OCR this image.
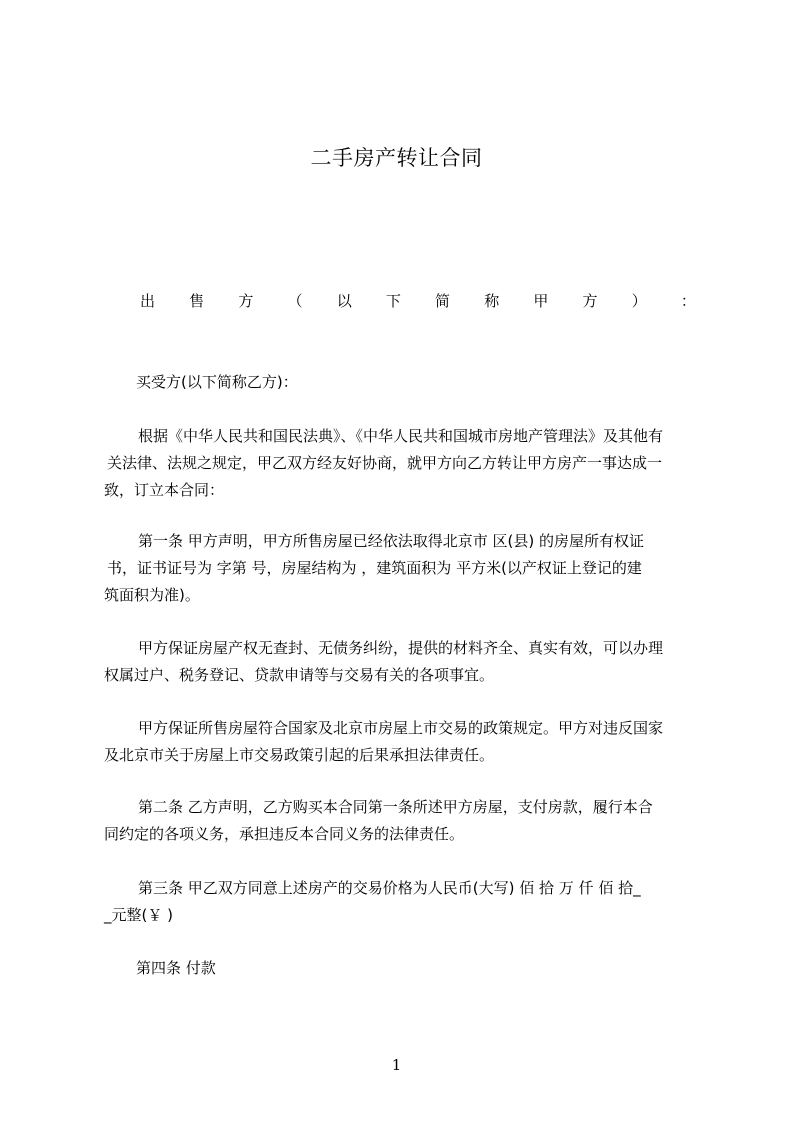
二手房产转让合同
出 售 方 （ 以 下 简 称 甲 方 ） ：
买受方(以下简称乙方)：
根据《中华人民共和国民法典》、《中华人民共和国城市房地产管理法》及其他有
关法律、法规之规定，甲乙双方经友好协商，就甲方向乙方转让甲方房产一事达成一
致，订立本合同：
第一条 甲方声明，甲方所售房屋已经依法取得北京市 区(县) 的房屋所有权证
书，证书证号为 字第 号，房屋结构为 ，建筑面积为 平方米(以产权证上登记的建
筑面积为准)。
甲方保证房屋产权无查封、无债务纠纷，提供的材料齐全、真实有效，可以办理
权属过户、税务登记、贷款申请等与交易有关的各项事宜。
甲方保证所售房屋符合国家及北京市房屋上市交易的政策规定。甲方对违反国家
及北京市关于房屋上市交易政策引起的后果承担法律责任。
第二条 乙方声明，乙方购买本合同第一条所述甲方房屋，支付房款，履行本合
同约定的各项义务，承担违反本合同义务的法律责任。
第三条 甲乙双方同意上述房产的交易价格为人民币(大写) 佰 拾 万 仟 佰 拾_
_元整(￥ )
第四条 付款
1
